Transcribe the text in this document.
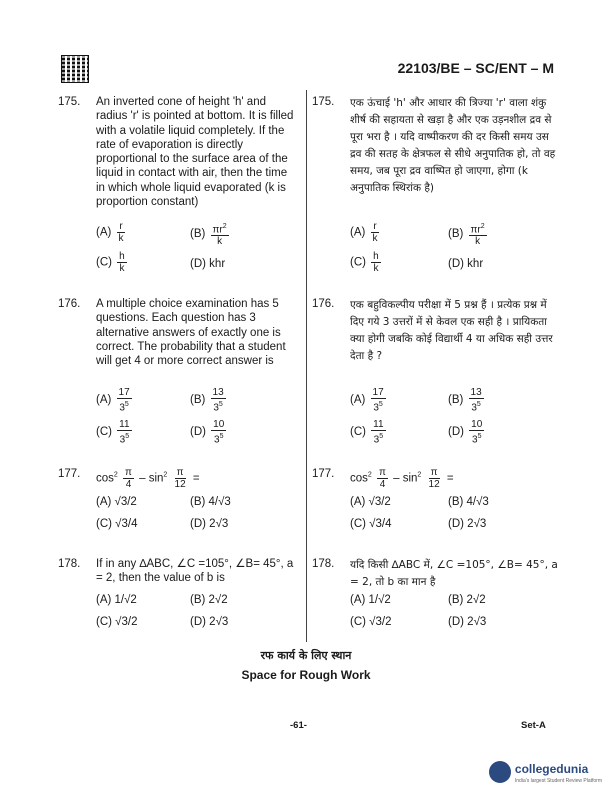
22103/BE – SC/ENT – M
175. An inverted cone of height 'h' and radius 'r' is pointed at bottom. It is filled with a volatile liquid completely. If the rate of evaporation is directly proportional to the surface area of the liquid in contact with air, then the time in which whole liquid evaporated (k is proportion constant)
$(A) \frac{r}{k}$	$(B) \frac{\pi r^2}{k}$
$(C) \frac{h}{k}$	(D) khr
176. A multiple choice examination has 5 questions. Each question has 3 alternative answers of exactly one is correct. The probability that a student will get 4 or more correct answer is
$(A) \frac{17}{3^5}$	$(B) \frac{13}{3^5}$
$(C) \frac{11}{3^5}$	$(D) \frac{10}{3^5}$
177. $\cos^2 \frac{\pi}{4} - \sin^2 \frac{\pi}{12}$ =
(A) √3/2	(B) 4/√3
(C) √3/4	(D) 2√3
178. If in any ∆ABC, ∠C =105°, ∠B= 45°, a = 2, then the value of b is
(A) 1/√2	(B) 2√2
(C) √3/2	(D) 2√3
175. एक ऊंचाई 'h' और आधार की त्रिज्या 'r' वाला शंकु शीर्ष की सहायता से खड़ा है और एक उड़नशील द्रव से पूरा भरा है । यदि वाष्पीकरण की दर किसी समय उस द्रव की सतह के क्षेत्रफल से सीधे अनुपातिक हो, तो वह समय, जब पूरा द्रव वाष्पित हो जाएगा, होगा (k अनुपातिक स्थिरांक है)
$(A) \frac{r}{k}$	$(B) \frac{\pi r^2}{k}$
$(C) \frac{h}{k}$	(D) khr
176. एक बहुविकल्पीय परीक्षा में 5 प्रश्न हैं । प्रत्येक प्रश्न में दिए गये 3 उत्तरों में से केवल एक सही है । प्रायिकता क्या होगी जबकि कोई विद्यार्थी 4 या अधिक सही उत्तर देता है ?
$(A) \frac{17}{3^5}$	$(B) \frac{13}{3^5}$
$(C) \frac{11}{3^5}$	$(D) \frac{10}{3^5}$
177. $\cos^2 \frac{\pi}{4} - \sin^2 \frac{\pi}{12}$ =
(A) √3/2	(B) 4/√3
(C) √3/4	(D) 2√3
178. यदि किसी ∆ABC में, ∠C =105°, ∠B= 45°, a = 2, तो b का मान है
(A) 1/√2	(B) 2√2
(C) √3/2	(D) 2√3
रफ कार्य के लिए स्थान
Space for Rough Work
-61-	Set-A
collegedunia
India's largest Student Review Platform
